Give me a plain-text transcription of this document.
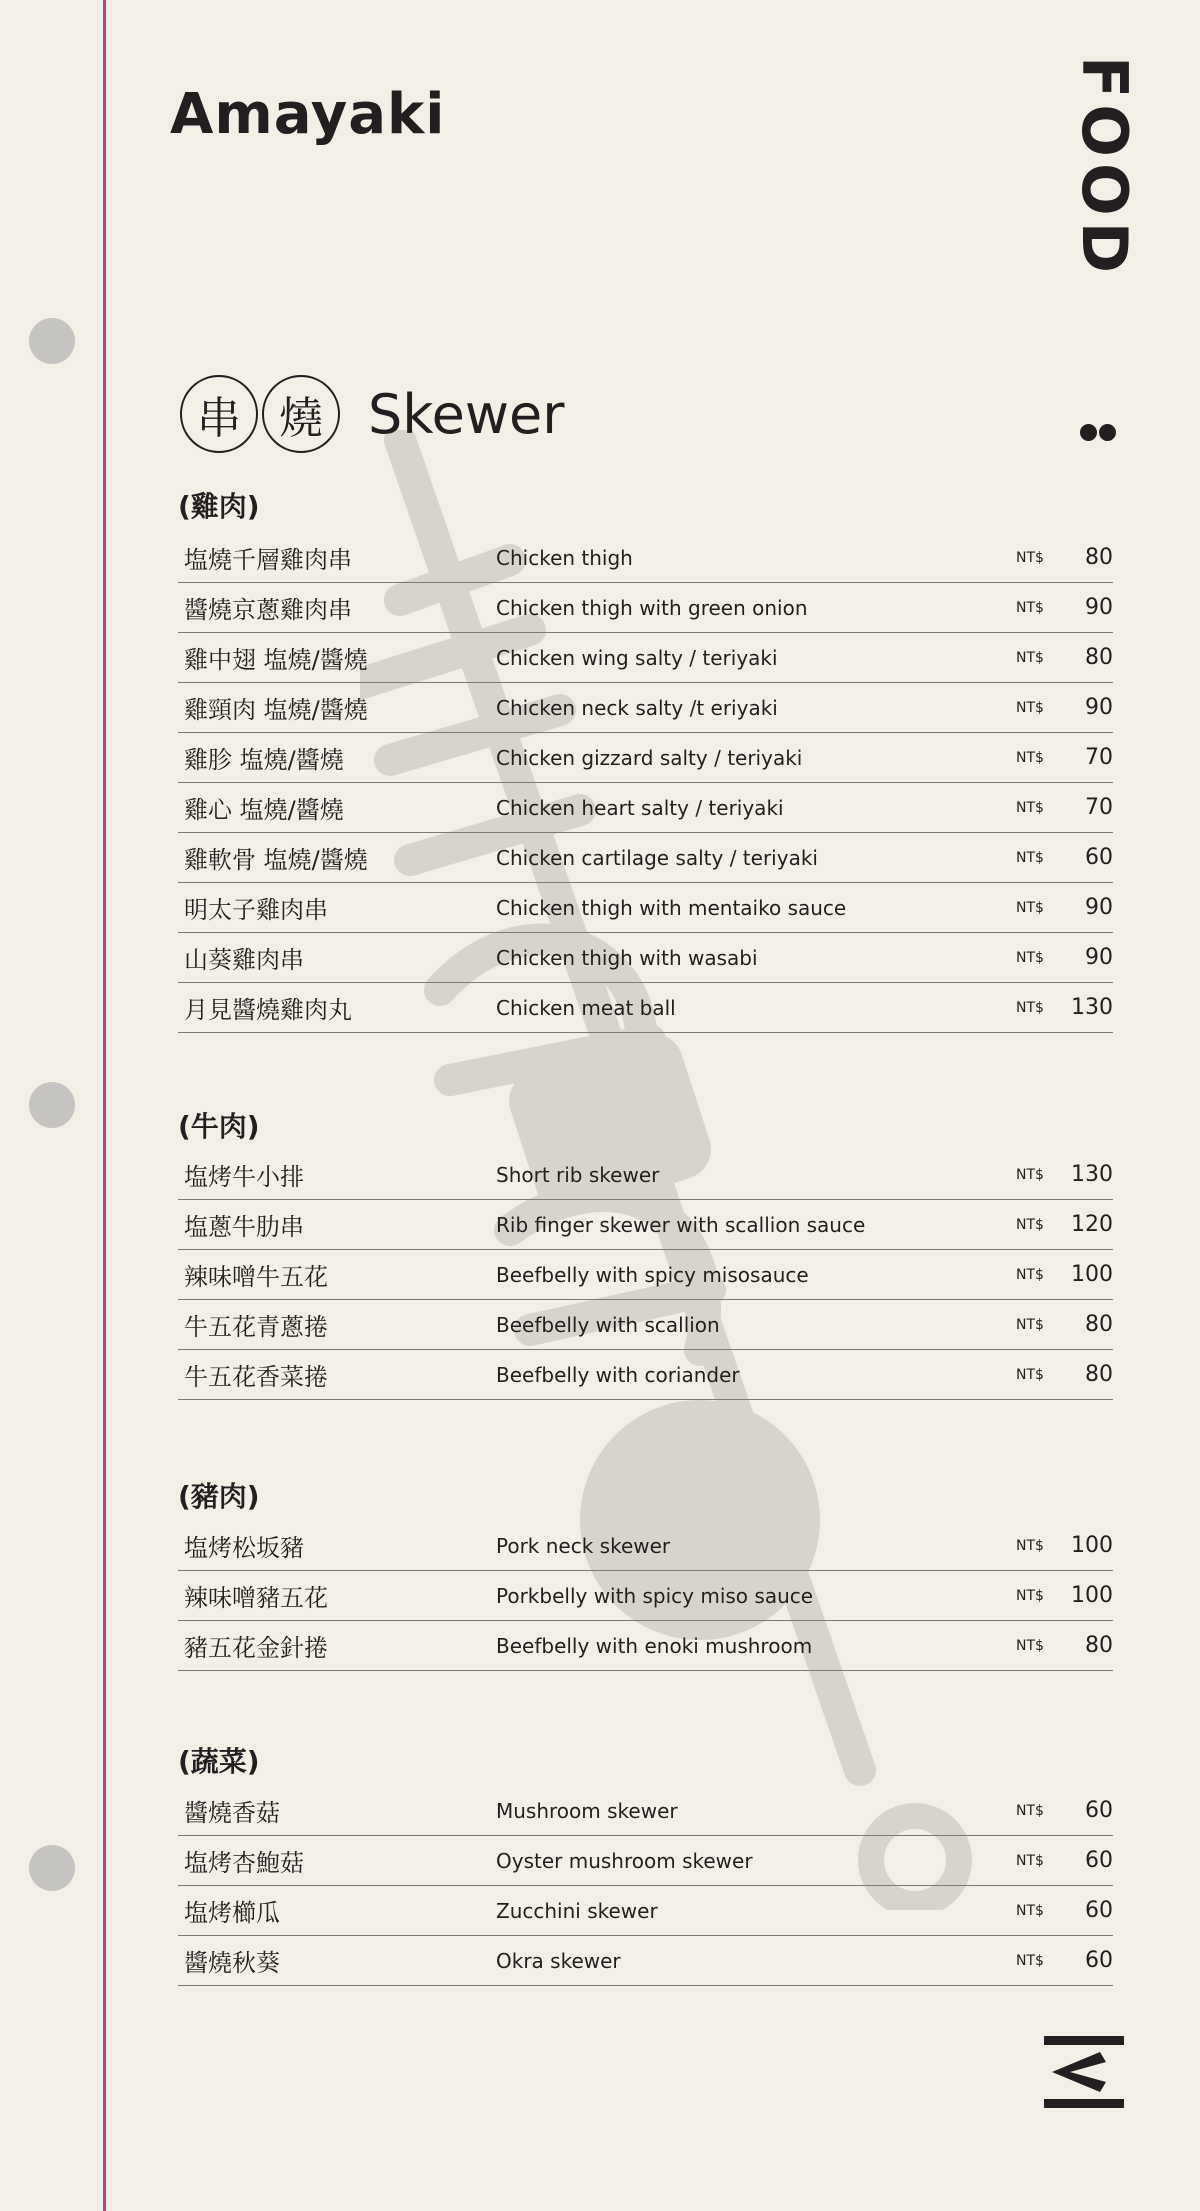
Amayaki	FOOD
串 燒 Skewer
(雞肉)
塩燒千層雞肉串	Chicken thigh	NT$ 80
醬燒京蔥雞肉串	Chicken thigh with green onion	NT$ 90
雞中翅 塩燒/醬燒	Chicken wing salty / teriyaki	NT$ 80
雞頸肉 塩燒/醬燒	Chicken neck salty /t eriyaki	NT$ 90
雞胗 塩燒/醬燒	Chicken gizzard salty / teriyaki	NT$ 70
雞心 塩燒/醬燒	Chicken heart salty / teriyaki	NT$ 70
雞軟骨 塩燒/醬燒	Chicken cartilage salty / teriyaki	NT$ 60
明太子雞肉串	Chicken thigh with mentaiko sauce	NT$ 90
山葵雞肉串	Chicken thigh with wasabi	NT$ 90
月見醬燒雞肉丸	Chicken meat ball	NT$ 130
(牛肉)
塩烤牛小排	Short rib skewer	NT$ 130
塩蔥牛肋串	Rib finger skewer with scallion sauce	NT$ 120
辣味噌牛五花	Beefbelly with spicy misosauce	NT$ 100
牛五花青蔥捲	Beefbelly with scallion	NT$ 80
牛五花香菜捲	Beefbelly with coriander	NT$ 80
(豬肉)
塩烤松坂豬	Pork neck skewer	NT$ 100
辣味噌豬五花	Porkbelly with spicy miso sauce	NT$ 100
豬五花金針捲	Beefbelly with enoki mushroom	NT$ 80
(蔬菜)
醬燒香菇	Mushroom skewer	NT$ 60
塩烤杏鮑菇	Oyster mushroom skewer	NT$ 60
塩烤櫛瓜	Zucchini skewer	NT$ 60
醬燒秋葵	Okra skewer	NT$ 60
